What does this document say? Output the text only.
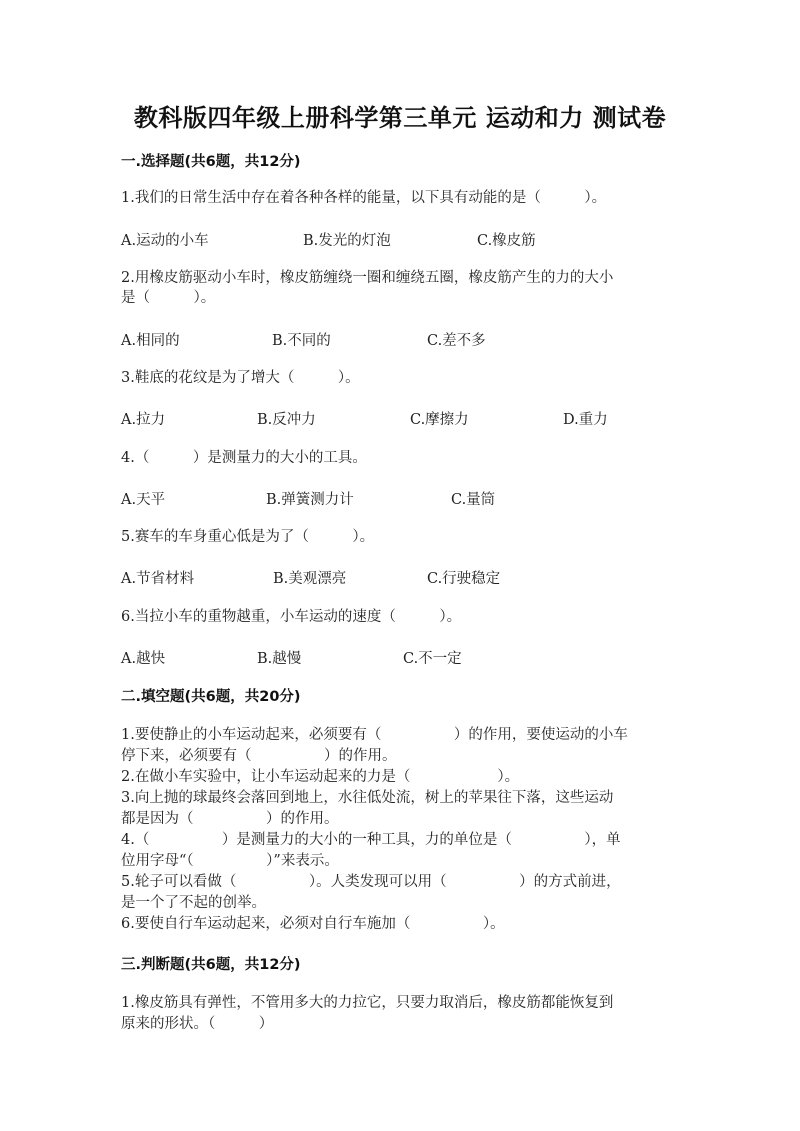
教科版四年级上册科学第三单元 运动和力 测试卷
一.选择题(共6题，共12分)
1.我们的日常生活中存在着各种各样的能量，以下具有动能的是（　　　）。
A.运动的小车	B.发光的灯泡	C.橡皮筋
2.用橡皮筋驱动小车时，橡皮筋缠绕一圈和缠绕五圈，橡皮筋产生的力的大小
是（　　　）。
A.相同的	B.不同的	C.差不多
3.鞋底的花纹是为了增大（　　　）。
A.拉力	B.反冲力	C.摩擦力	D.重力
4.（　　　）是测量力的大小的工具。
A.天平	B.弹簧测力计	C.量筒
5.赛车的车身重心低是为了（　　　）。
A.节省材料	B.美观漂亮	C.行驶稳定
6.当拉小车的重物越重，小车运动的速度（　　　）。
A.越快	B.越慢	C.不一定
二.填空题(共6题，共20分)
1.要使静止的小车运动起来，必须要有（　　　　　）的作用，要使运动的小车
停下来，必须要有（　　　　　）的作用。
2.在做小车实验中，让小车运动起来的力是（　　　　　　）。
3.向上抛的球最终会落回到地上，水往低处流，树上的苹果往下落，这些运动
都是因为（　　　　　）的作用。
4.（　　　　　）是测量力的大小的一种工具，力的单位是（　　　　　），单
位用字母“（　　　　　）”来表示。
5.轮子可以看做（　　　　　）。人类发现可以用（　　　　　）的方式前进，
是一个了不起的创举。
6.要使自行车运动起来，必须对自行车施加（　　　　　）。
三.判断题(共6题，共12分)
1.橡皮筋具有弹性，不管用多大的力拉它，只要力取消后，橡皮筋都能恢复到
原来的形状。（　　　）
